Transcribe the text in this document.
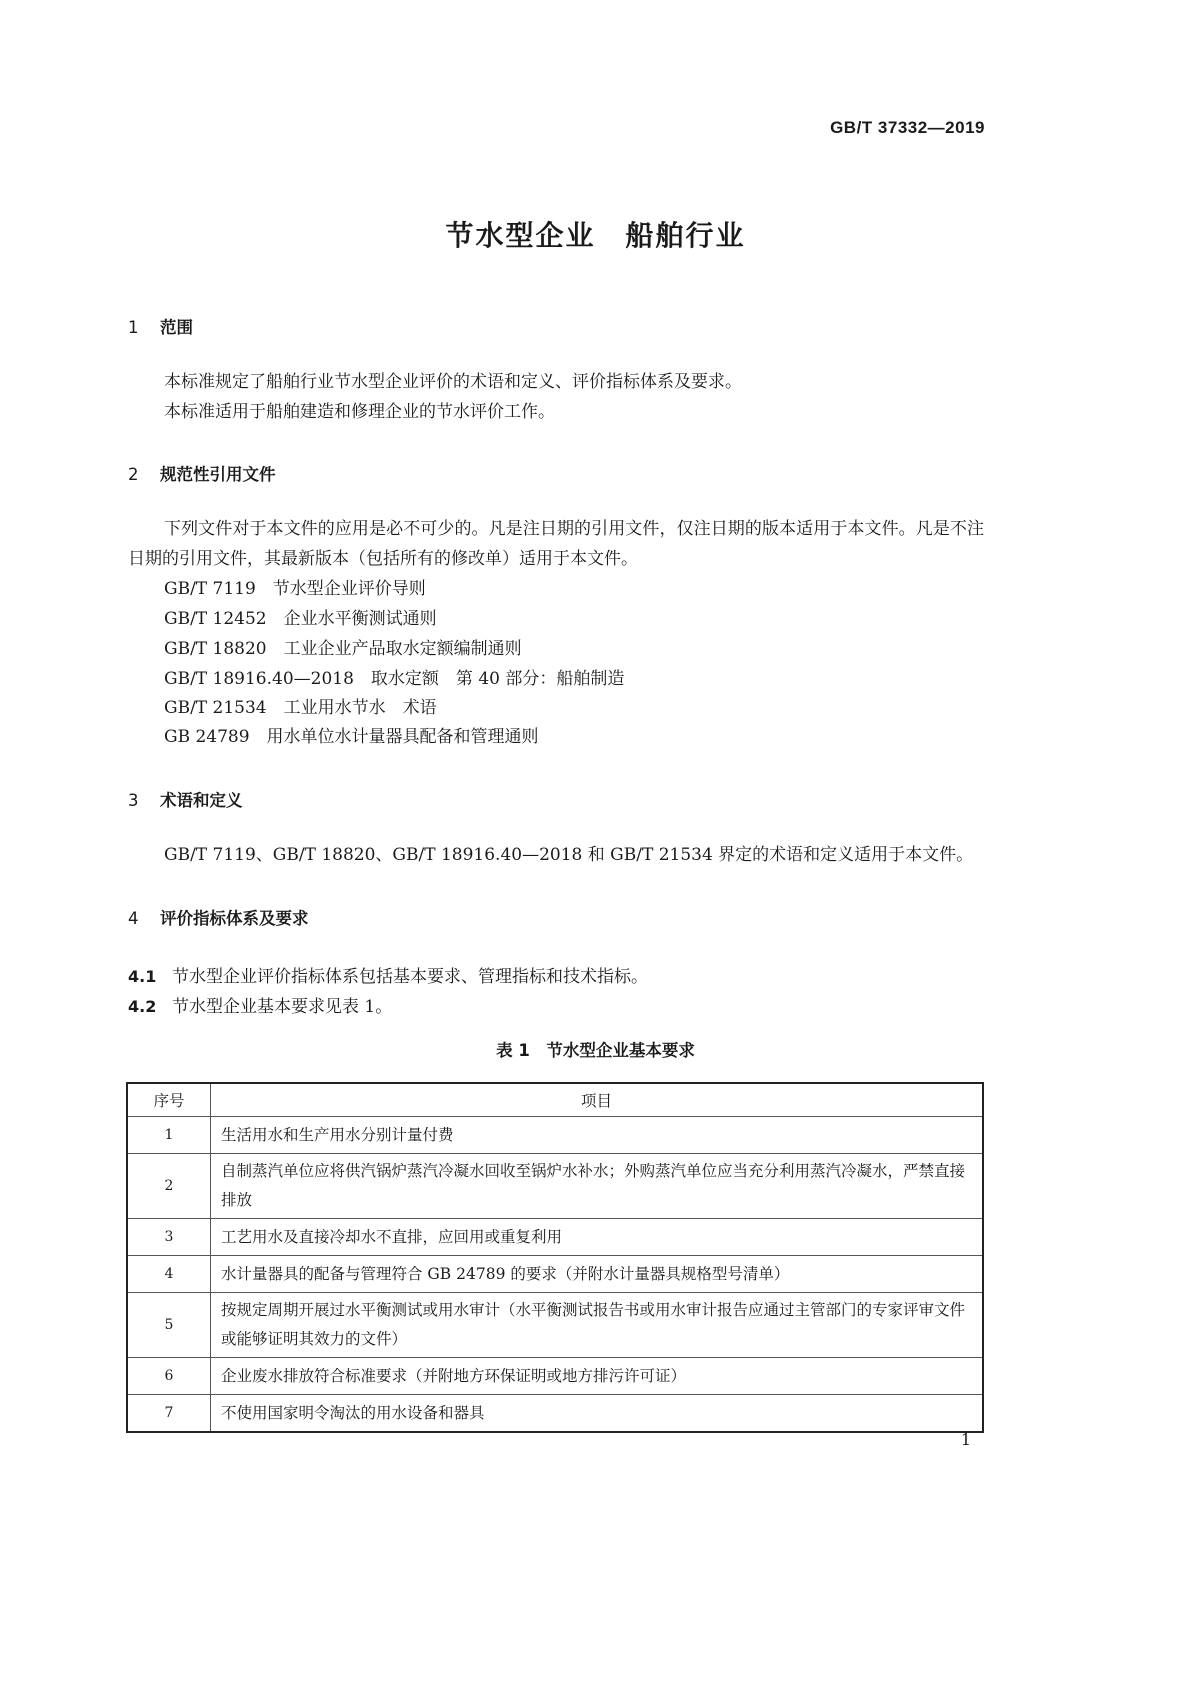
GB/T 37332—2019
节水型企业　船舶行业
1 范围
本标准规定了船舶行业节水型企业评价的术语和定义、评价指标体系及要求。
本标准适用于船舶建造和修理企业的节水评价工作。
2 规范性引用文件

下列文件对于本文件的应用是必不可少的。凡是注日期的引用文件，仅注日期的版本适用于本文件。凡是不注日期的引用文件，其最新版本（包括所有的修改单）适用于本文件。

GB/T 7119　节水型企业评价导则
GB/T 12452　企业水平衡测试通则
GB/T 18820　工业企业产品取水定额编制通则
GB/T 18916.40—2018　取水定额　第 40 部分：船舶制造
GB/T 21534　工业用水节水　术语
GB 24789　用水单位水计量器具配备和管理通则
3 术语和定义
GB/T 7119、GB/T 18820、GB/T 18916.40—2018 和 GB/T 21534 界定的术语和定义适用于本文件。
4 评价指标体系及要求
4.1 节水型企业评价指标体系包括基本要求、管理指标和技术指标。
4.2 节水型企业基本要求见表 1。
表 1　节水型企业基本要求
序号	项目
1	生活用水和生产用水分别计量付费
2	自制蒸汽单位应将供汽锅炉蒸汽冷凝水回收至锅炉水补水；外购蒸汽单位应当充分利用蒸汽冷凝水，严禁直接排放
3	工艺用水及直接冷却水不直排，应回用或重复利用
4	水计量器具的配备与管理符合 GB 24789 的要求（并附水计量器具规格型号清单）
5	按规定周期开展过水平衡测试或用水审计（水平衡测试报告书或用水审计报告应通过主管部门的专家评审文件或能够证明其效力的文件）
6	企业废水排放符合标准要求（并附地方环保证明或地方排污许可证）
7	不使用国家明令淘汰的用水设备和器具
1
